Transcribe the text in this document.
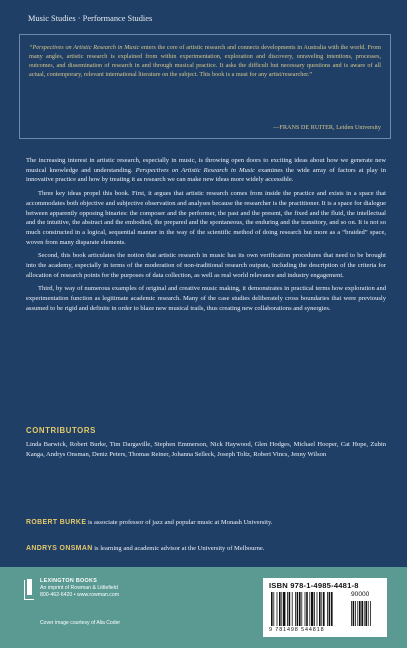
Music Studies · Performance Studies

“Perspectives on Artistic Research in Music enters the core of artistic research and connects developments in Australia with the world. From many angles, artistic research is explained from within experimentation, exploration and discovery, unraveling intentions, processes, outcomes, and dissemination of research in and through musical practice. It asks the difficult but necessary questions and is aware of all actual, contemporary, relevant international literature on the subject. This book is a must for any artist/researcher.”

—FRANS DE RUITER, Leiden University

The increasing interest in artistic research, especially in music, is throwing open doors to exciting ideas about how we generate new musical knowledge and understanding. Perspectives on Artistic Research in Music examines the wide array of factors at play in innovative practice and how by treating it as research we can make new ideas more widely accessible.

Three key ideas propel this book. First, it argues that artistic research comes from inside the practice and exists in a space that accommodates both objective and subjective observation and analyses because the researcher is the practitioner. It is a space for dialogue between apparently opposing binaries: the composer and the performer, the past and the present, the fixed and the fluid, the intellectual and the intuitive, the abstract and the embodied, the prepared and the spontaneous, the enduring and the transitory, and so on. It is not so much constructed in a logical, sequential manner in the way of the scientific method of doing research but more as a “braided” space, woven from many disparate elements.

Second, this book articulates the notion that artistic research in music has its own verification procedures that need to be brought into the academy, especially in terms of the moderation of non-traditional research outputs, including the description of the criteria for allocation of research points for the purposes of data collection, as well as real world relevance and industry engagement.

Third, by way of numerous examples of original and creative music making, it demonstrates in practical terms how exploration and experimentation function as legitimate academic research. Many of the case studies deliberately cross boundaries that were previously assumed to be rigid and definite in order to blaze new musical trails, thus creating new collaborations and synergies.

CONTRIBUTORS

Linda Barwick, Robert Burke, Tim Dargaville, Stephen Emmerson, Nick Haywood, Glen Hodges, Michael Hooper, Cat Hope, Zubin Kanga, Andrys Onsman, Deniz Peters, Thomas Reiner, Johanna Selleck, Joseph Toltz, Robert Vincs, Jenny Wilson

ROBERT BURKE is associate professor of jazz and popular music at Monash University.

ANDRYS ONSMAN is learning and academic advisor at the University of Melbourne.

LEXINGTON BOOKS
An imprint of Rowman & Littlefield
800-462-6420 • www.rowman.com
Cover image courtesy of Alia Coder
ISBN 978-1-4985-4481-8
90000
9 781498 544818
